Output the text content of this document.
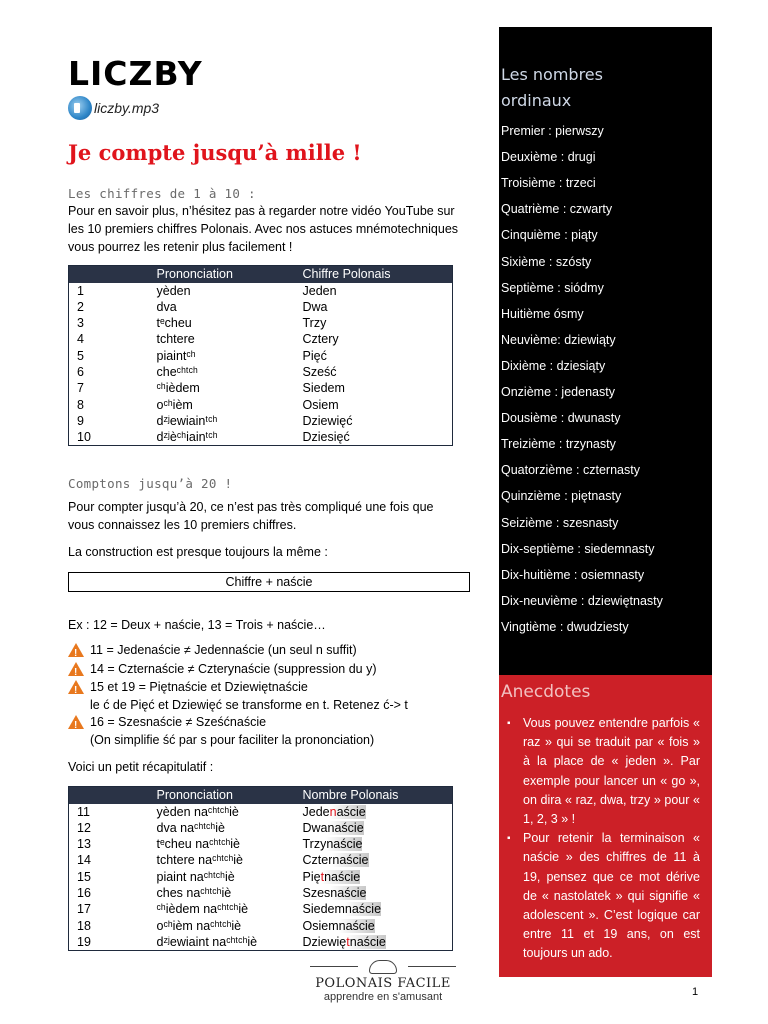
LICZBY
liczby.mp3
Je compte jusqu’à mille !
Les chiffres de 1 à 10 :
Pour en savoir plus, n’hésitez pas à regarder notre vidéo YouTube sur
les 10 premiers chiffres Polonais. Avec nos astuces mnémotechniques
vous pourrez les retenir plus facilement !
	Prononciation	Chiffre Polonais
1	yèden	Jeden
2	dva	Dwa
3	tᵉcheu	Trzy
4	tchtere	Cztery
5	piaintᶜʰ	Pięć
6	cheᶜʰᵗᶜʰ	Sześć
7	ᶜʰièdem	Siedem
8	oᶜʰièm	Osiem
9	dᶻʲewiainᵗᶜʰ	Dziewięć
10	dᶻʲèᶜʰiainᵗᶜʰ	Dziesięć
Comptons jusqu’à 20 !
Pour compter jusqu’à 20, ce n’est pas très compliqué une fois que
vous connaissez les 10 premiers chiffres.
La construction est presque toujours la même :
Chiffre + naście
Ex : 12 = Deux + naście, 13 = Trois + naście…
!
11 = Jedenaście ≠ Jedennaście (un seul n suffit)
!
14 = Czternaście ≠ Czterynaście (suppression du y)
!
15 et 19 = Piętnaście et Dziewiętnaście
le ć de Pięć et Dziewięć se transforme en t. Retenez ć-> t
!
16 = Szesnaście ≠ Sześćnaście
(On simplifie ść par s pour faciliter la prononciation)
Voici un petit récapitulatif :
	Prononciation	Nombre Polonais
11	yèden naᶜʰᵗᶜʰiè	Jedenaście
12	dva naᶜʰᵗᶜʰiè	Dwanaście
13	tᵉcheu naᶜʰᵗᶜʰiè	Trzynaście
14	tchtere naᶜʰᵗᶜʰiè	Czternaście
15	piaint naᶜʰᵗᶜʰiè	Piętnaście
16	ches naᶜʰᵗᶜʰiè	Szesnaście
17	ᶜʰièdem naᶜʰᵗᶜʰiè	Siedemnaście
18	oᶜʰièm naᶜʰᵗᶜʰiè	Osiemnaście
19	dᶻʲewiaint naᶜʰᵗᶜʰiè	Dziewiętnaście
Les nombres
ordinaux
Premier : pierwszy
Deuxième : drugi
Troisième : trzeci
Quatrième : czwarty
Cinquième : piąty
Sixième : szósty
Septième : siódmy
Huitième ósmy
Neuvième: dziewiąty
Dixième : dziesiąty
Onzième : jedenasty
Dousième : dwunasty
Treizième : trzynasty
Quatorzième : czternasty
Quinzième : piętnasty
Seizième : szesnasty
Dix-septième : siedemnasty
Dix-huitième : osiemnasty
Dix-neuvième : dziewiętnasty
Vingtième : dwudziesty
Anecdotes
▪ Vous pouvez entendre parfois « raz » qui se traduit par « fois » à la place de « jeden ». Par exemple pour lancer un « go », on dira « raz, dwa, trzy » pour « 1, 2, 3 » !
▪ Pour retenir la terminaison « naście » des chiffres de 11 à 19, pensez que ce mot dérive de « nastolatek » qui signifie « adolescent ». C’est logique car entre 11 et 19 ans, on est toujours un ado.
POLONAIS FACILE
apprendre en s'amusant	1
